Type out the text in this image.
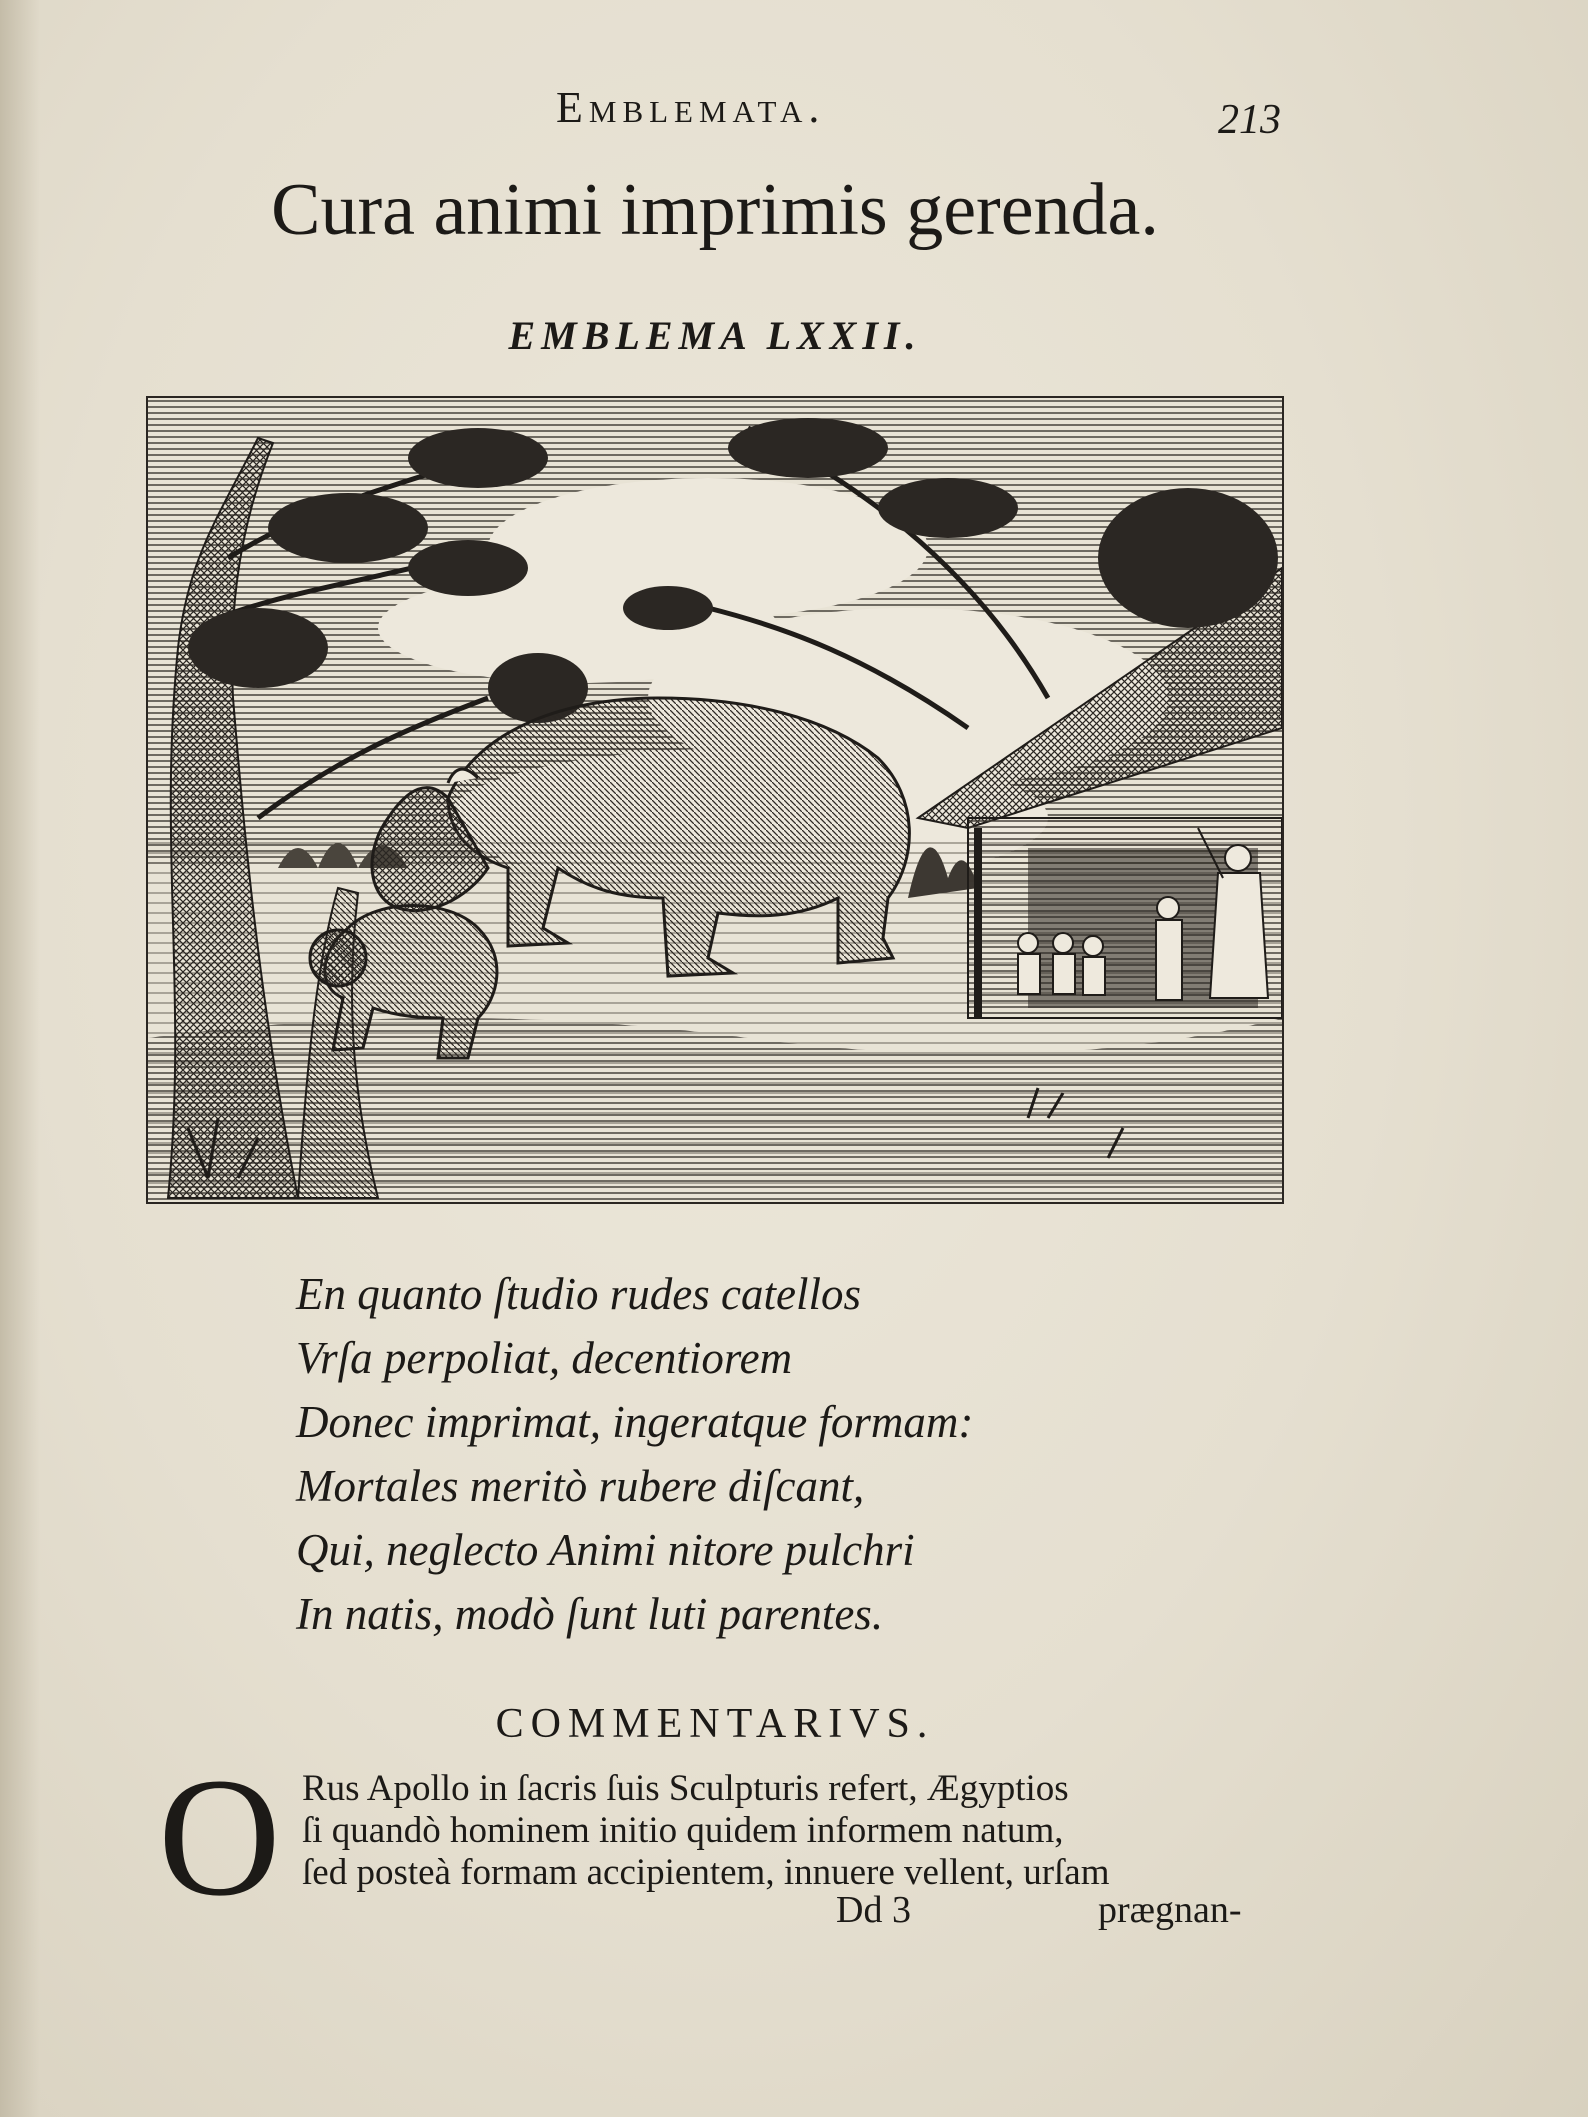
Emblemata.	213
Cura animi imprimis gerenda.
EMBLEMA LXXII.
En quanto ſtudio rudes catellos
Vrſa perpoliat, decentiorem
Donec imprimat, ingeratque formam:
Mortales meritò rubere diſcant,
Qui, neglecto Animi nitore pulchri
In natis, modò ſunt luti parentes.
COMMENTARIVS.
O Rus Apollo in ſacris ſuis Sculpturis refert, Ægyptios
ſi quandò hominem initio quidem informem natum,
ſed posteà formam accipientem, innuere vellent, urſam
Dd 3	prægnan-
